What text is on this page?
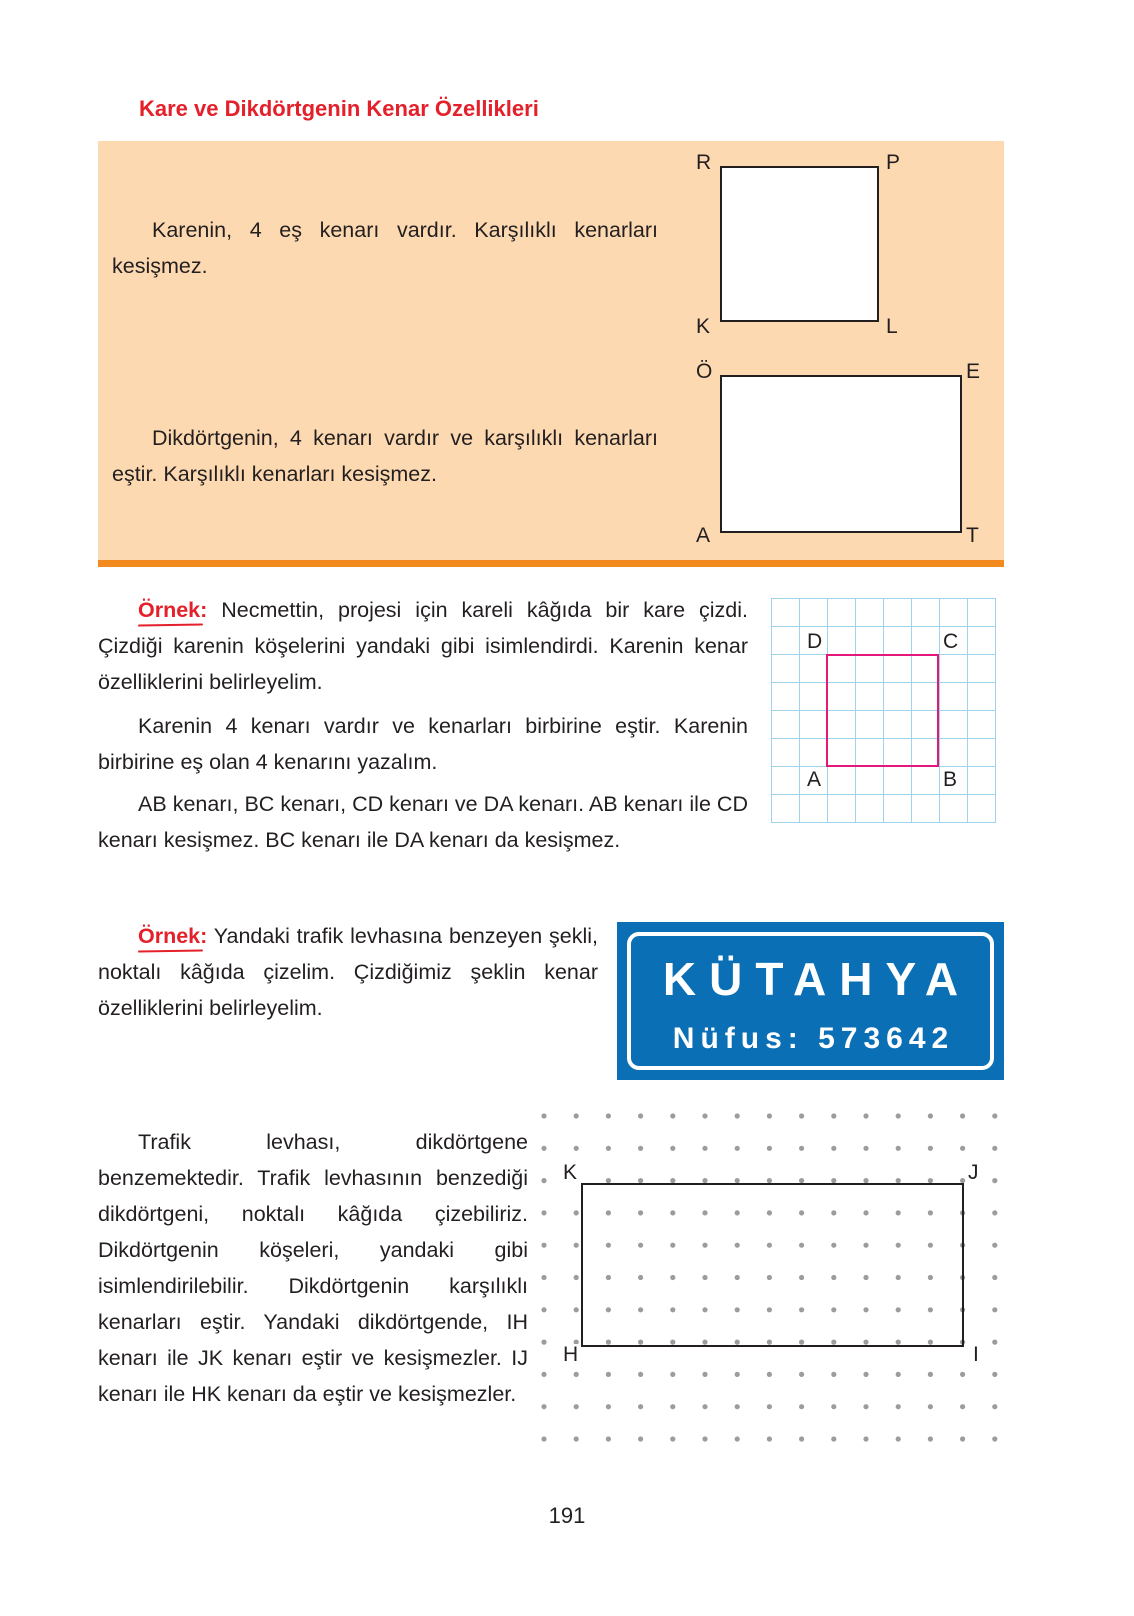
Kare ve Dikdörtgenin Kenar Özellikleri
Karenin, 4 eş kenarı vardır. Karşılıklı kenarları kesişmez.
R	P
K	L
Dikdörtgenin, 4 kenarı vardır ve karşılıklı kenarları eştir. Karşılıklı kenarları kesişmez.
Ö	E
A	T
Örnek: Necmettin, projesi için kareli kâğıda bir kare çizdi. Çizdiği karenin köşelerini yandaki gibi isimlendirdi. Karenin kenar özelliklerini belirleyelim.
Karenin 4 kenarı vardır ve kenarları birbirine eştir. Karenin birbirine eş olan 4 kenarını yazalım.
AB kenarı, BC kenarı, CD kenarı ve DA kenarı. AB kenarı ile CD kenarı kesişmez. BC kenarı ile DA kenarı da kesişmez.
D	C
A	B
Örnek: Yandaki trafik levhasına benzeyen şekli, noktalı kâğıda çizelim. Çizdiğimiz şeklin kenar özelliklerini belirleyelim.
KÜTAHYA
Nüfus: 573642
Trafik levhası, dikdörtgene benzemektedir. Trafik levhasının benzediği dikdörtgeni, noktalı kâğıda çizebiliriz. Dikdörtgenin köşeleri, yandaki gibi isimlendirilebilir. Dikdörtgenin karşılıklı kenarları eştir. Yandaki dikdörtgende, IH kenarı ile JK kenarı eştir ve kesişmezler. IJ kenarı ile HK kenarı da eştir ve kesişmezler.
K	J
H	I
191
